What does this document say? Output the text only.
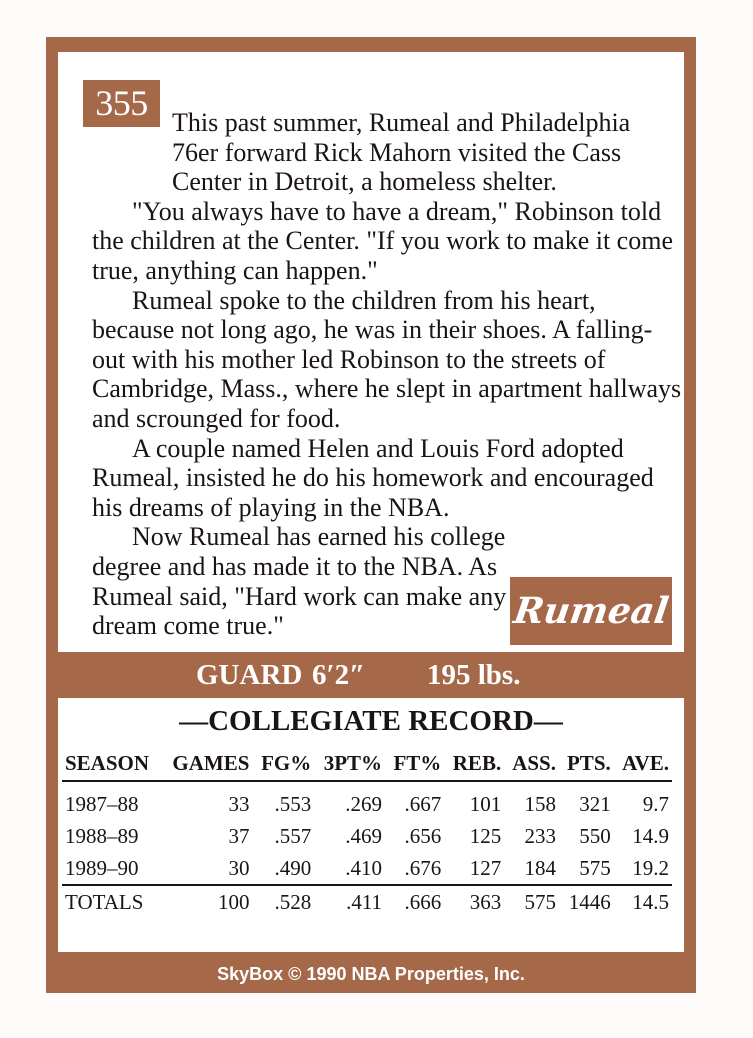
355 This past summer, Rumeal and Philadelphia 76er forward Rick Mahorn visited the Cass Center in Detroit, a homeless shelter.

"You always have to have a dream," Robinson told the children at the Center. "If you work to make it come true, anything can happen."

Rumeal spoke to the children from his heart, because not long ago, he was in their shoes. A falling-out with his mother led Robinson to the streets of Cambridge, Mass., where he slept in apartment hallways and scrounged for food.

A couple named Helen and Louis Ford adopted Rumeal, insisted he do his homework and encouraged his dreams of playing in the NBA.

Now Rumeal has earned his college degree and has made it to the NBA. As Rumeal said, "Hard work can make any dream come true."	Rumeal
GUARD 6′2″ 195 lbs.
—COLLEGIATE RECORD—
SEASON	GAMES	FG%	3PT%	FT%	REB.	ASS.	PTS.	AVE.
1987–88	33	.553	.269	.667	101	158	321	9.7
1988–89	37	.557	.469	.656	125	233	550	14.9
1989–90	30	.490	.410	.676	127	184	575	19.2
TOTALS	100	.528	.411	.666	363	575	1446	14.5
SkyBox © 1990 NBA Properties, Inc.
